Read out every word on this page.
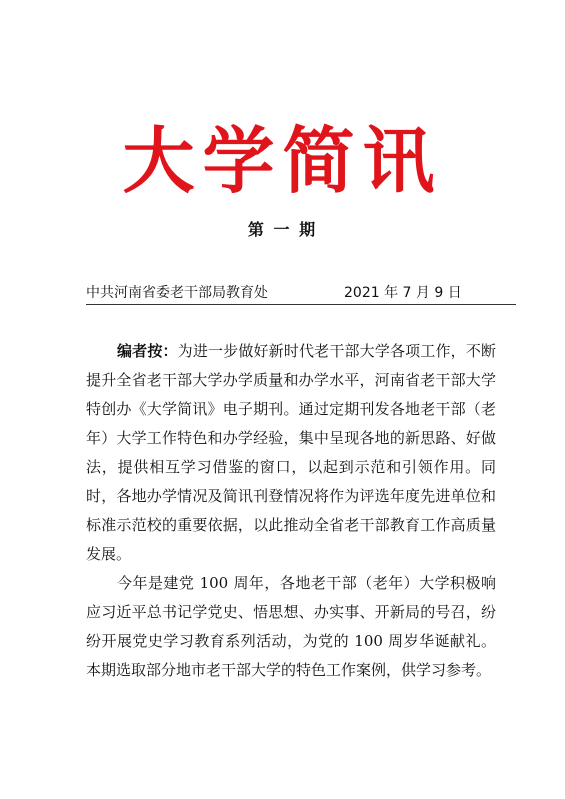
大学简讯
第 一 期
中共河南省委老干部局教育处	2021 年 7 月 9 日

编者按：为进一步做好新时代老干部大学各项工作，不断提升全省老干部大学办学质量和办学水平，河南省老干部大学特创办《大学简讯》电子期刊。通过定期刊发各地老干部（老年）大学工作特色和办学经验，集中呈现各地的新思路、好做法，提供相互学习借鉴的窗口，以起到示范和引领作用。同时，各地办学情况及简讯刊登情况将作为评选年度先进单位和标准示范校的重要依据，以此推动全省老干部教育工作高质量发展。

今年是建党 100 周年，各地老干部（老年）大学积极响应习近平总书记学党史、悟思想、办实事、开新局的号召，纷纷开展党史学习教育系列活动，为党的 100 周岁华诞献礼。本期选取部分地市老干部大学的特色工作案例，供学习参考。
